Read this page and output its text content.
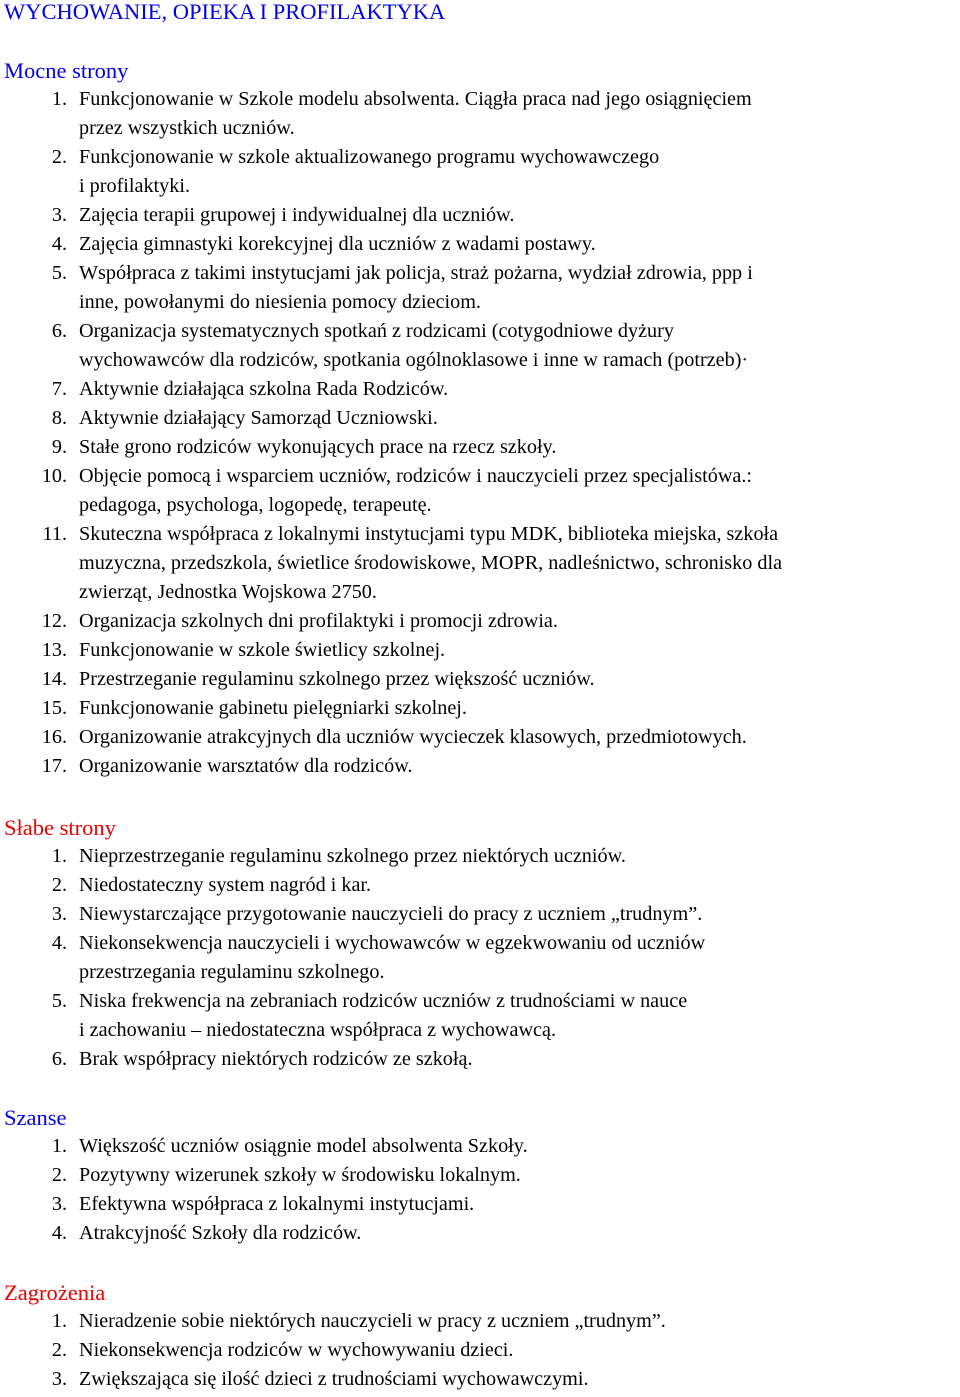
WYCHOWANIE, OPIEKA I PROFILAKTYKA
Mocne strony
1. Funkcjonowanie w Szkole modelu absolwenta. Ciągła praca nad jego osiągnięciem
przez wszystkich uczniów.
2. Funkcjonowanie w szkole aktualizowanego programu wychowawczego
i profilaktyki.
3. Zajęcia terapii grupowej i indywidualnej dla uczniów.
4. Zajęcia gimnastyki korekcyjnej dla uczniów z wadami postawy.
5. Współpraca z takimi instytucjami jak policja, straż pożarna, wydział zdrowia, ppp i
inne, powołanymi do niesienia pomocy dzieciom.
6. Organizacja systematycznych spotkań z rodzicami (cotygodniowe dyżury
wychowawców dla rodziców, spotkania ogólnoklasowe i inne w ramach (potrzeb)·
7. Aktywnie działająca szkolna Rada Rodziców.
8. Aktywnie działający Samorząd Uczniowski.
9. Stałe grono rodziców wykonujących prace na rzecz szkoły.
10. Objęcie pomocą i wsparciem uczniów, rodziców i nauczycieli przez specjalistówa.:
pedagoga, psychologa, logopedę, terapeutę.
11. Skuteczna współpraca z lokalnymi instytucjami typu MDK, biblioteka miejska, szkoła
muzyczna, przedszkola, świetlice środowiskowe, MOPR, nadleśnictwo, schronisko dla
zwierząt, Jednostka Wojskowa 2750.
12. Organizacja szkolnych dni profilaktyki i promocji zdrowia.
13. Funkcjonowanie w szkole świetlicy szkolnej.
14. Przestrzeganie regulaminu szkolnego przez większość uczniów.
15. Funkcjonowanie gabinetu pielęgniarki szkolnej.
16. Organizowanie atrakcyjnych dla uczniów wycieczek klasowych, przedmiotowych.
17. Organizowanie warsztatów dla rodziców.
Słabe strony
1. Nieprzestrzeganie regulaminu szkolnego przez niektórych uczniów.
2. Niedostateczny system nagród i kar.
3. Niewystarczające przygotowanie nauczycieli do pracy z uczniem „trudnym”.
4. Niekonsekwencja nauczycieli i wychowawców w egzekwowaniu od uczniów
przestrzegania regulaminu szkolnego.
5. Niska frekwencja na zebraniach rodziców uczniów z trudnościami w nauce
i zachowaniu – niedostateczna współpraca z wychowawcą.
6. Brak współpracy niektórych rodziców ze szkołą.
Szanse
1. Większość uczniów osiągnie model absolwenta Szkoły.
2. Pozytywny wizerunek szkoły w środowisku lokalnym.
3. Efektywna współpraca z lokalnymi instytucjami.
4. Atrakcyjność Szkoły dla rodziców.
Zagrożenia
1. Nieradzenie sobie niektórych nauczycieli w pracy z uczniem „trudnym”.
2. Niekonsekwencja rodziców w wychowywaniu dzieci.
3. Zwiększająca się ilość dzieci z trudnościami wychowawczymi.
